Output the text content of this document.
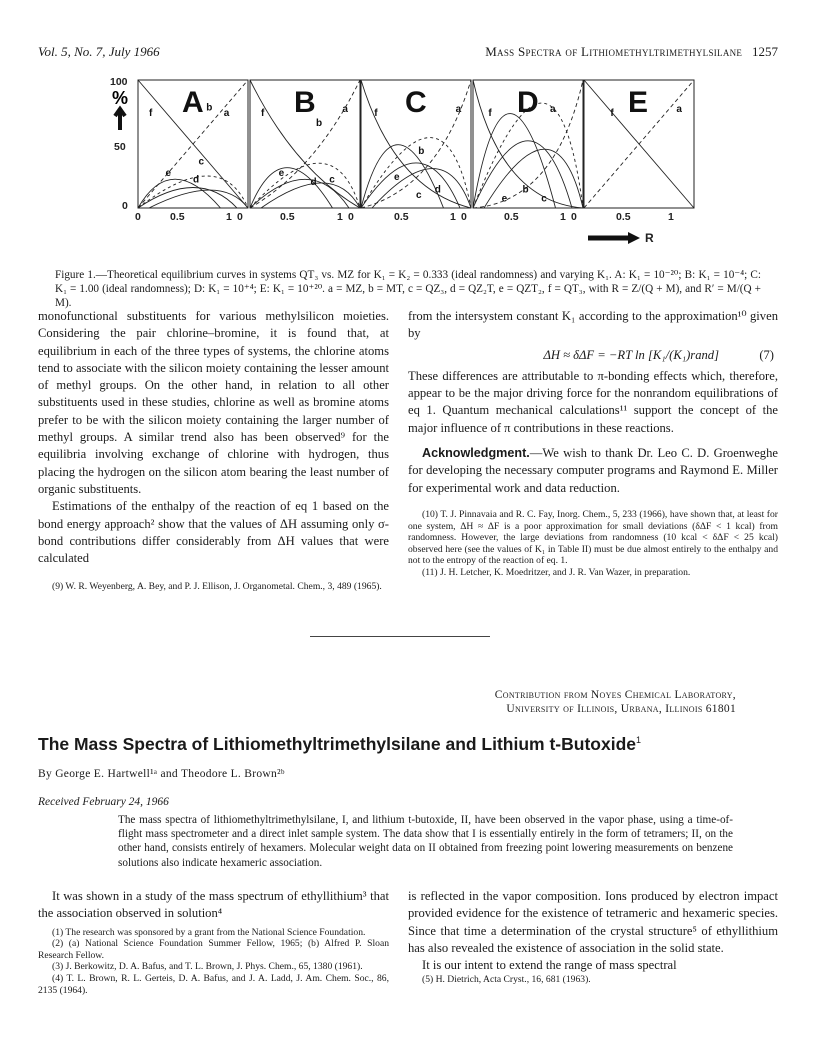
Vol. 5, No. 7, July 1966	Mass Spectra of Lithiomethyltrimethylsilane 1257
100
%
50
0
A
f	b a
c
e
d
B
f	a
b
e
d c
C
f	a
b
e
d
c
D
f	a
b
e	c
E
f	a
0	0.5	1 0	0.5	1 0	0.5	1 0	0.5	1 0	0.5	1
R
Figure 1.—Theoretical equilibrium curves in systems QT₃ vs. MZ for K₁ = K₂ = 0.333 (ideal randomness) and varying K₁. A: K₁ = 10⁻²⁰; B: K₁ = 10⁻⁴; C: K₁ = 1.00 (ideal randomness); D: K₁ = 10⁺⁴; E: K₁ = 10⁺²⁰. a = MZ, b = MT, c = QZ₃, d = QZ₂T, e = QZT₂, f = QT₃, with R = Z/(Q + M), and R′ = M/(Q + M).

monofunctional substituents for various methylsilicon moieties. Considering the pair chlorine–bromine, it is found that, at equilibrium in each of the three types of systems, the chlorine atoms tend to associate with the silicon moiety containing the lesser amount of methyl groups. On the other hand, in relation to all other substituents used in these studies, chlorine as well as bromine atoms prefer to be with the silicon moiety containing the larger number of methyl groups. A similar trend also has been observed⁹ for the equilibria involving exchange of chlorine with hydrogen, thus placing the hydrogen on the silicon atom bearing the least number of organic substituents.

Estimations of the enthalpy of the reaction of eq 1 based on the bond energy approach² show that the values of ΔH assuming only σ-bond contributions differ considerably from ΔH values that were calculated

(9) W. R. Weyenberg, A. Bey, and P. J. Ellison, J. Organometal. Chem., 3, 489 (1965).

from the intersystem constant K₁ according to the approximation¹⁰ given by

ΔH ≈ δΔF = −RT ln [K₁/(K₁)rand]	(7)

These differences are attributable to π-bonding effects which, therefore, appear to be the major driving force for the nonrandom equilibrations of eq 1. Quantum mechanical calculations¹¹ support the concept of the major influence of π contributions in these reactions.

Acknowledgment.—We wish to thank Dr. Leo C. D. Groenweghe for developing the necessary computer programs and Raymond E. Miller for experimental work and data reduction.

(10) T. J. Pinnavaia and R. C. Fay, Inorg. Chem., 5, 233 (1966), have shown that, at least for one system, ΔH ≈ ΔF is a poor approximation for small deviations (δΔF < 1 kcal) from randomness. However, the large deviations from randomness (10 kcal < δΔF < 25 kcal) observed here (see the values of K₁ in Table II) must be due almost entirely to the enthalpy and not to the entropy of the reaction of eq. 1.

(11) J. H. Letcher, K. Moedritzer, and J. R. Van Wazer, in preparation.

Contribution from Noyes Chemical Laboratory,
University of Illinois, Urbana, Illinois 61801
The Mass Spectra of Lithiomethyltrimethylsilane and Lithium t-Butoxide$^1$
By George E. Hartwell¹ᵃ and Theodore L. Brown²ᵇ
Received February 24, 1966
The mass spectra of lithiomethyltrimethylsilane, I, and lithium t-butoxide, II, have been observed in the vapor phase, using a time-of-flight mass spectrometer and a direct inlet sample system. The data show that I is essentially entirely in the form of tetramers; II, on the other hand, consists entirely of hexamers. Molecular weight data on II obtained from freezing point lowering measurements on benzene solutions also indicate hexameric association.

It was shown in a study of the mass spectrum of ethyllithium³ that the association observed in solution⁴

(1) The research was sponsored by a grant from the National Science Foundation.

(2) (a) National Science Foundation Summer Fellow, 1965; (b) Alfred P. Sloan Research Fellow.

(3) J. Berkowitz, D. A. Bafus, and T. L. Brown, J. Phys. Chem., 65, 1380 (1961).

(4) T. L. Brown, R. L. Gerteis, D. A. Bafus, and J. A. Ladd, J. Am. Chem. Soc., 86, 2135 (1964).

is reflected in the vapor composition. Ions produced by electron impact provided evidence for the existence of tetrameric and hexameric species. Since that time a determination of the crystal structure⁵ of ethyllithium has also revealed the existence of association in the solid state.

It is our intent to extend the range of mass spectral

(5) H. Dietrich, Acta Cryst., 16, 681 (1963).
